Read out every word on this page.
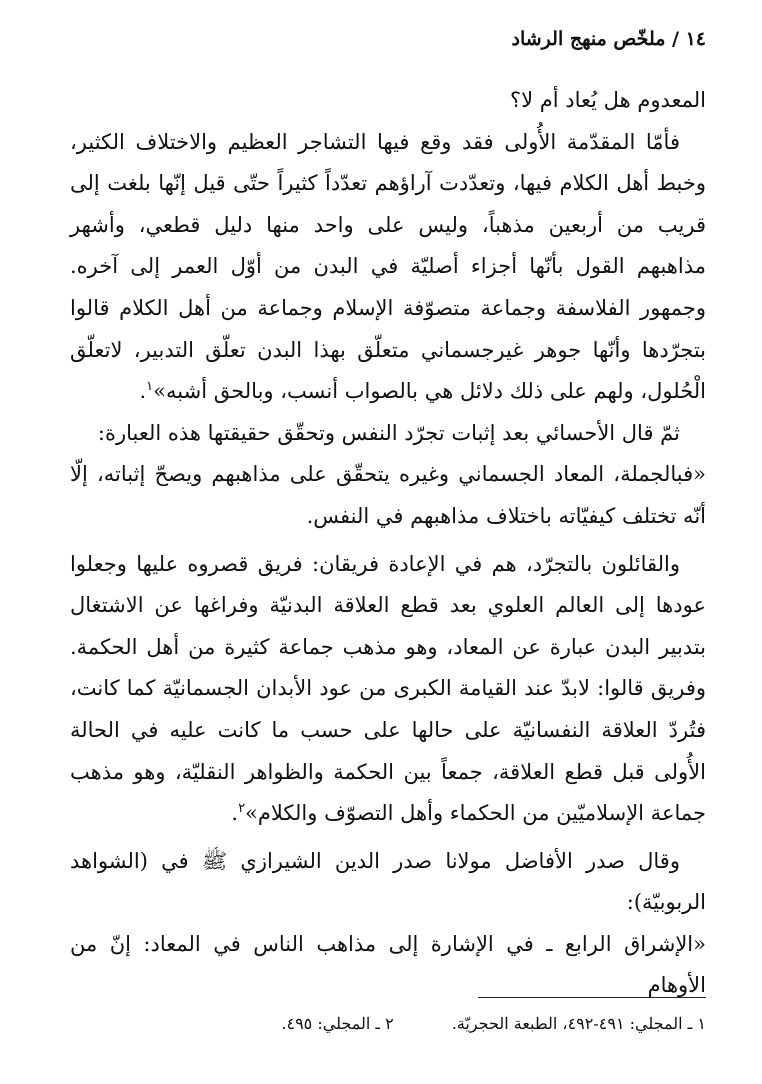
١٤ / ملخّص منهج الرشاد

المعدوم هل يُعاد أم لا؟

فأمّا المقدّمة الأُولى فقد وقع فيها التشاجر العظيم والاختلاف الكثير، وخبط أهل الكلام فيها، وتعدّدت آراؤهم تعدّداً كثيراً حتّى قيل إنّها بلغت إلى قريب من أربعين مذهباً، وليس على واحد منها دليل قطعي، وأشهر مذاهبهم القول بأنّها أجزاء أصليّة في البدن من أوّل العمر إلى آخره. وجمهور الفلاسفة وجماعة متصوّفة الإسلام وجماعة من أهل الكلام قالوا بتجرّدها وأنّها جوهر غيرجسماني متعلّق بهذا البدن تعلّق التدبير، لاتعلّق الْحُلول، ولهم على ذلك دلائل هي بالصواب أنسب، وبالحق أشبه»$^١$.

ثمّ قال الأحسائي بعد إثبات تجرّد النفس وتحقّق حقيقتها هذه العبارة:

«فبالجملة، المعاد الجسماني وغيره يتحقّق على مذاهبهم ويصحّ إثباته، إلّا أنّه تختلف كيفيّاته باختلاف مذاهبهم في النفس.

والقائلون بالتجرّد، هم في الإعادة فريقان: فريق قصروه عليها وجعلوا عودها إلى العالم العلوي بعد قطع العلاقة البدنيّة وفراغها عن الاشتغال بتدبير البدن عبارة عن المعاد، وهو مذهب جماعة كثيرة من أهل الحكمة. وفريق قالوا: لابدّ عند القيامة الكبرى من عود الأبدان الجسمانيّة كما كانت، فتُردّ العلاقة النفسانيّة على حالها على حسب ما كانت عليه في الحالة الأُولى قبل قطع العلاقة، جمعاً بين الحكمة والظواهر النقليّة، وهو مذهب جماعة الإسلاميّين من الحكماء وأهل التصوّف والكلام»$^٢$.

وقال صدر الأفاضل مولانا صدر الدين الشيرازي ﷺ في (الشواهد الربوبيّة):

«الإشراق الرابع ـ في الإشارة إلى مذاهب الناس في المعاد: إنّ من الأوهام

١ ـ المجلي: ٤٩١-٤٩٢، الطبعة الحجريّة.٢ ـ المجلي: ٤٩٥.
